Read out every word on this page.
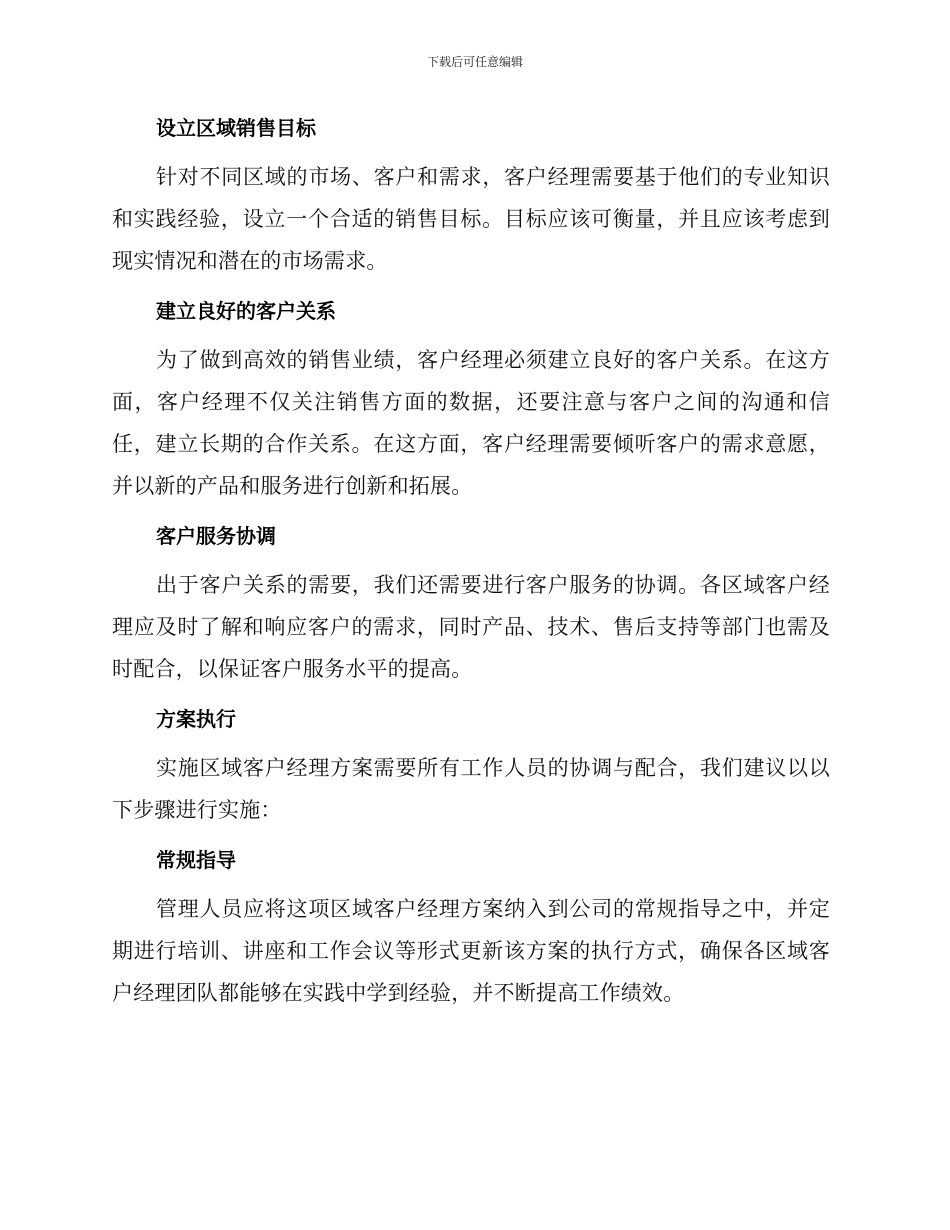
下载后可任意编辑
设立区域销售目标

针对不同区域的市场、客户和需求，客户经理需要基于他们的专业知识和实践经验，设立一个合适的销售目标。目标应该可衡量，并且应该考虑到现实情况和潜在的市场需求。

建立良好的客户关系

为了做到高效的销售业绩，客户经理必须建立良好的客户关系。在这方面，客户经理不仅关注销售方面的数据，还要注意与客户之间的沟通和信任，建立长期的合作关系。在这方面，客户经理需要倾听客户的需求意愿，并以新的产品和服务进行创新和拓展。

客户服务协调

出于客户关系的需要，我们还需要进行客户服务的协调。各区域客户经理应及时了解和响应客户的需求，同时产品、技术、售后支持等部门也需及时配合，以保证客户服务水平的提高。

方案执行

实施区域客户经理方案需要所有工作人员的协调与配合，我们建议以以下步骤进行实施：

常规指导

管理人员应将这项区域客户经理方案纳入到公司的常规指导之中，并定期进行培训、讲座和工作会议等形式更新该方案的执行方式，确保各区域客户经理团队都能够在实践中学到经验，并不断提高工作绩效。
